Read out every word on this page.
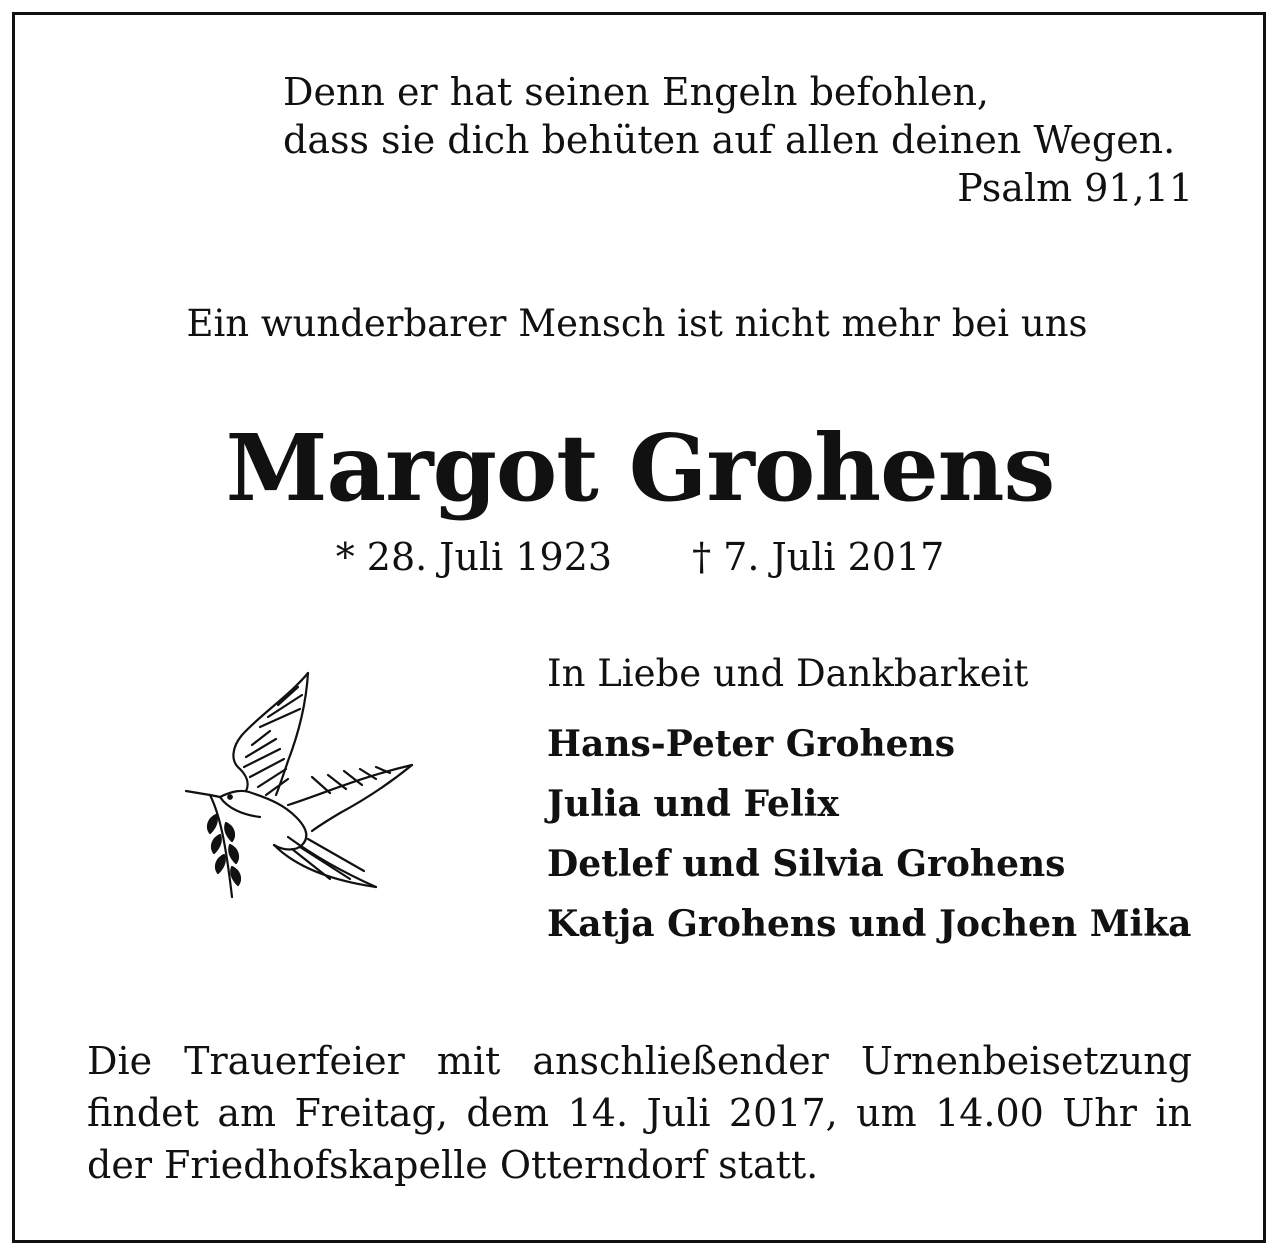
Denn er hat seinen Engeln befohlen,
dass sie dich behüten auf allen deinen Wegen.
Psalm 91,11
Ein wunderbarer Mensch ist nicht mehr bei uns
Margot Grohens
* 28. Juli 1923 † 7. Juli 2017
In Liebe und Dankbarkeit
Hans-Peter Grohens
Julia und Felix
Detlef und Silvia Grohens
Katja Grohens und Jochen Mika
Die Trauerfeier mit anschließender Urnenbeisetzung findet am Freitag, dem 14. Juli 2017, um 14.00 Uhr in der Friedhofskapelle Otterndorf statt.
